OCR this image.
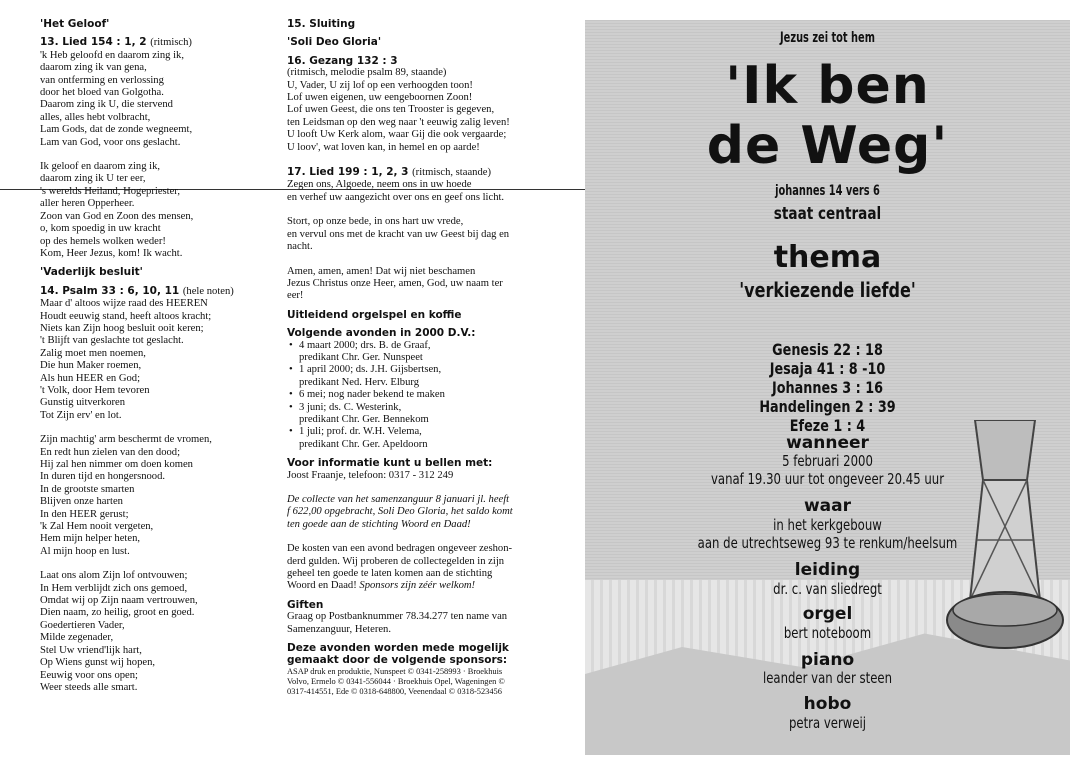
'Het Geloof'
13. Lied 154 : 1, 2 (ritmisch)
'k Heb geloofd en daarom zing ik,
daarom zing ik van gena,
van ontferming en verlossing
door het bloed van Golgotha.
Daarom zing ik U, die stervend
alles, alles hebt volbracht,
Lam Gods, dat de zonde wegneemt,
Lam van God, voor ons geslacht.
Ik geloof en daarom zing ik,
daarom zing ik U ter eer,
's werelds Heiland, Hogepriester,
aller heren Opperheer.
Zoon van God en Zoon des mensen,
o, kom spoedig in uw kracht
op des hemels wolken weder!
Kom, Heer Jezus, kom! Ik wacht.
'Vaderlijk besluit'
14. Psalm 33 : 6, 10, 11 (hele noten)
Maar d' altoos wijze raad des HEEREN
Houdt eeuwig stand, heeft altoos kracht;
Niets kan Zijn hoog besluit ooit keren;
't Blijft van geslachte tot geslacht.
Zalig moet men noemen,
Die hun Maker roemen,
Als hun HEER en God;
't Volk, door Hem tevoren
Gunstig uitverkoren
Tot Zijn erv' en lot.
Zijn machtig' arm beschermt de vromen,
En redt hun zielen van den dood;
Hij zal hen nimmer om doen komen
In duren tijd en hongersnood.
In de grootste smarten
Blijven onze harten
In den HEER gerust;
'k Zal Hem nooit vergeten,
Hem mijn helper heten,
Al mijn hoop en lust.
Laat ons alom Zijn lof ontvouwen;
In Hem verblijdt zich ons gemoed,
Omdat wij op Zijn naam vertrouwen,
Dien naam, zo heilig, groot en goed.
Goedertieren Vader,
Milde zegenader,
Stel Uw vriend'lijk hart,
Op Wiens gunst wij hopen,
Eeuwig voor ons open;
Weer steeds alle smart.
15. Sluiting
'Soli Deo Gloria'
16. Gezang 132 : 3
(ritmisch, melodie psalm 89, staande)
U, Vader, U zij lof op een verhoogden toon!
Lof uwen eigenen, uw eengeboornen Zoon!
Lof uwen Geest, die ons ten Trooster is gegeven,
ten Leidsman op den weg naar 't eeuwig zalig leven!
U looft Uw Kerk alom, waar Gij die ook vergaarde;
U loov', wat loven kan, in hemel en op aarde!
17. Lied 199 : 1, 2, 3 (ritmisch, staande)
Zegen ons, Algoede, neem ons in uw hoede
en verhef uw aangezicht over ons en geef ons licht.
Stort, op onze bede, in ons hart uw vrede,
en vervul ons met de kracht van uw Geest bij dag en
nacht.
Amen, amen, amen! Dat wij niet beschamen
Jezus Christus onze Heer, amen, God, uw naam ter
eer!
Uitleidend orgelspel en koffie
Volgende avonden in 2000 D.V.:
• 4 maart 2000; drs. B. de Graaf,
predikant Chr. Ger. Nunspeet
• 1 april 2000; ds. J.H. Gijsbertsen,
predikant Ned. Herv. Elburg
• 6 mei; nog nader bekend te maken
• 3 juni; ds. C. Westerink,
predikant Chr. Ger. Bennekom
• 1 juli; prof. dr. W.H. Velema,
predikant Chr. Ger. Apeldoorn
Voor informatie kunt u bellen met:
Joost Fraanje, telefoon: 0317 - 312 249
De collecte van het samenzanguur 8 januari jl. heeft
f 622,00 opgebracht, Soli Deo Gloria, het saldo komt
ten goede aan de stichting Woord en Daad!
De kosten van een avond bedragen ongeveer zeshon-
derd gulden. Wij proberen de collectegelden in zijn
geheel ten goede te laten komen aan de stichting
Woord en Daad! Sponsors zijn zéér welkom!
Giften
Graag op Postbanknummer 78.34.277 ten name van
Samenzanguur, Heteren.
Deze avonden worden mede mogelijk
gemaakt door de volgende sponsors:
ASAP druk en produktie, Nunspeet © 0341-258993 · Broekhuis
Volvo, Ermelo © 0341-556044 · Broekhuis Opel, Wageningen ©
0317-414551, Ede © 0318-648800, Veenendaal © 0318-523456
Jezus zei tot hem
'Ik ben
de Weg'
johannes 14 vers 6
staat centraal
thema
'verkiezende liefde'
Genesis 22 : 18
Jesaja 41 : 8 -10
Johannes 3 : 16
Handelingen 2 : 39
Efeze 1 : 4
wanneer
5 februari 2000
vanaf 19.30 uur tot ongeveer 20.45 uur
waar
in het kerkgebouw
aan de utrechtseweg 93 te renkum/heelsum
leiding
dr. c. van sliedregt
orgel
bert noteboom
piano
leander van der steen
hobo
petra verweij
